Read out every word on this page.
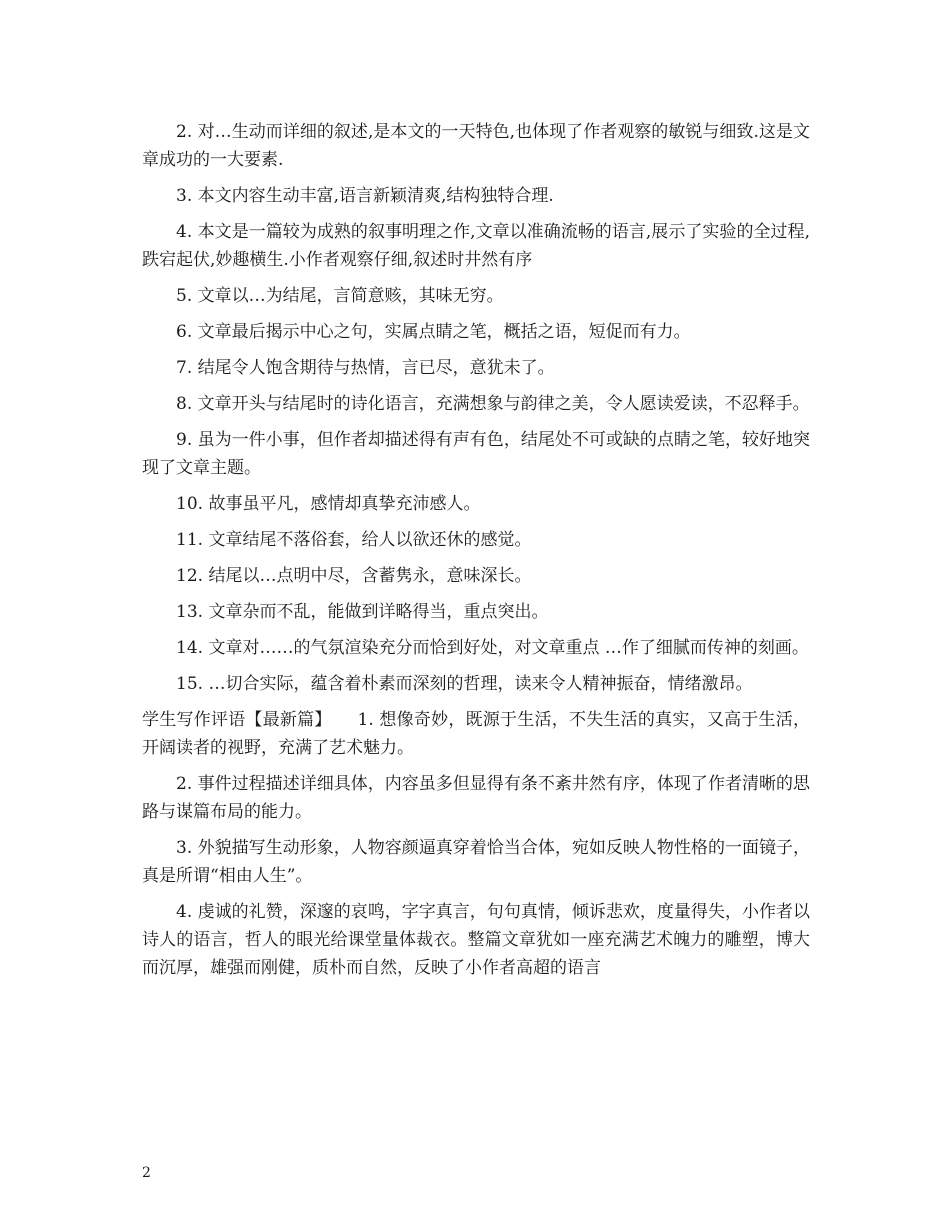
2. 对…生动而详细的叙述,是本文的一天特色,也体现了作者观察的敏锐与细致.这是文章成功的一大要素.

3. 本文内容生动丰富,语言新颖清爽,结构独特合理.

4. 本文是一篇较为成熟的叙事明理之作,文章以准确流畅的语言,展示了实验的全过程,跌宕起伏,妙趣横生.小作者观察仔细,叙述时井然有序

5. 文章以…为结尾，言简意赅，其味无穷。

6. 文章最后揭示中心之句，实属点睛之笔，概括之语，短促而有力。

7. 结尾令人饱含期待与热情，言已尽，意犹未了。

8. 文章开头与结尾时的诗化语言，充满想象与韵律之美，令人愿读爱读，不忍释手。

9. 虽为一件小事，但作者却描述得有声有色，结尾处不可或缺的点睛之笔，较好地突现了文章主题。

10. 故事虽平凡，感情却真挚充沛感人。

11. 文章结尾不落俗套，给人以欲还休的感觉。

12. 结尾以…点明中尽，含蓄隽永，意味深长。

13. 文章杂而不乱，能做到详略得当，重点突出。

14. 文章对……的气氛渲染充分而恰到好处，对文章重点 …作了细腻而传神的刻画。

15. …切合实际，蕴含着朴素而深刻的哲理，读来令人精神振奋，情绪激昂。

学生写作评语【最新篇】　　1. 想像奇妙，既源于生活，不失生活的真实，又高于生活，开阔读者的视野，充满了艺术魅力。

2. 事件过程描述详细具体，内容虽多但显得有条不紊井然有序，体现了作者清晰的思路与谋篇布局的能力。

3. 外貌描写生动形象，人物容颜逼真穿着恰当合体，宛如反映人物性格的一面镜子，真是所谓“相由人生”。

4. 虔诚的礼赞，深邃的哀鸣，字字真言，句句真情，倾诉悲欢，度量得失，小作者以诗人的语言，哲人的眼光给课堂量体裁衣。整篇文章犹如一座充满艺术魄力的雕塑，博大而沉厚，雄强而刚健，质朴而自然，反映了小作者高超的语言

2
